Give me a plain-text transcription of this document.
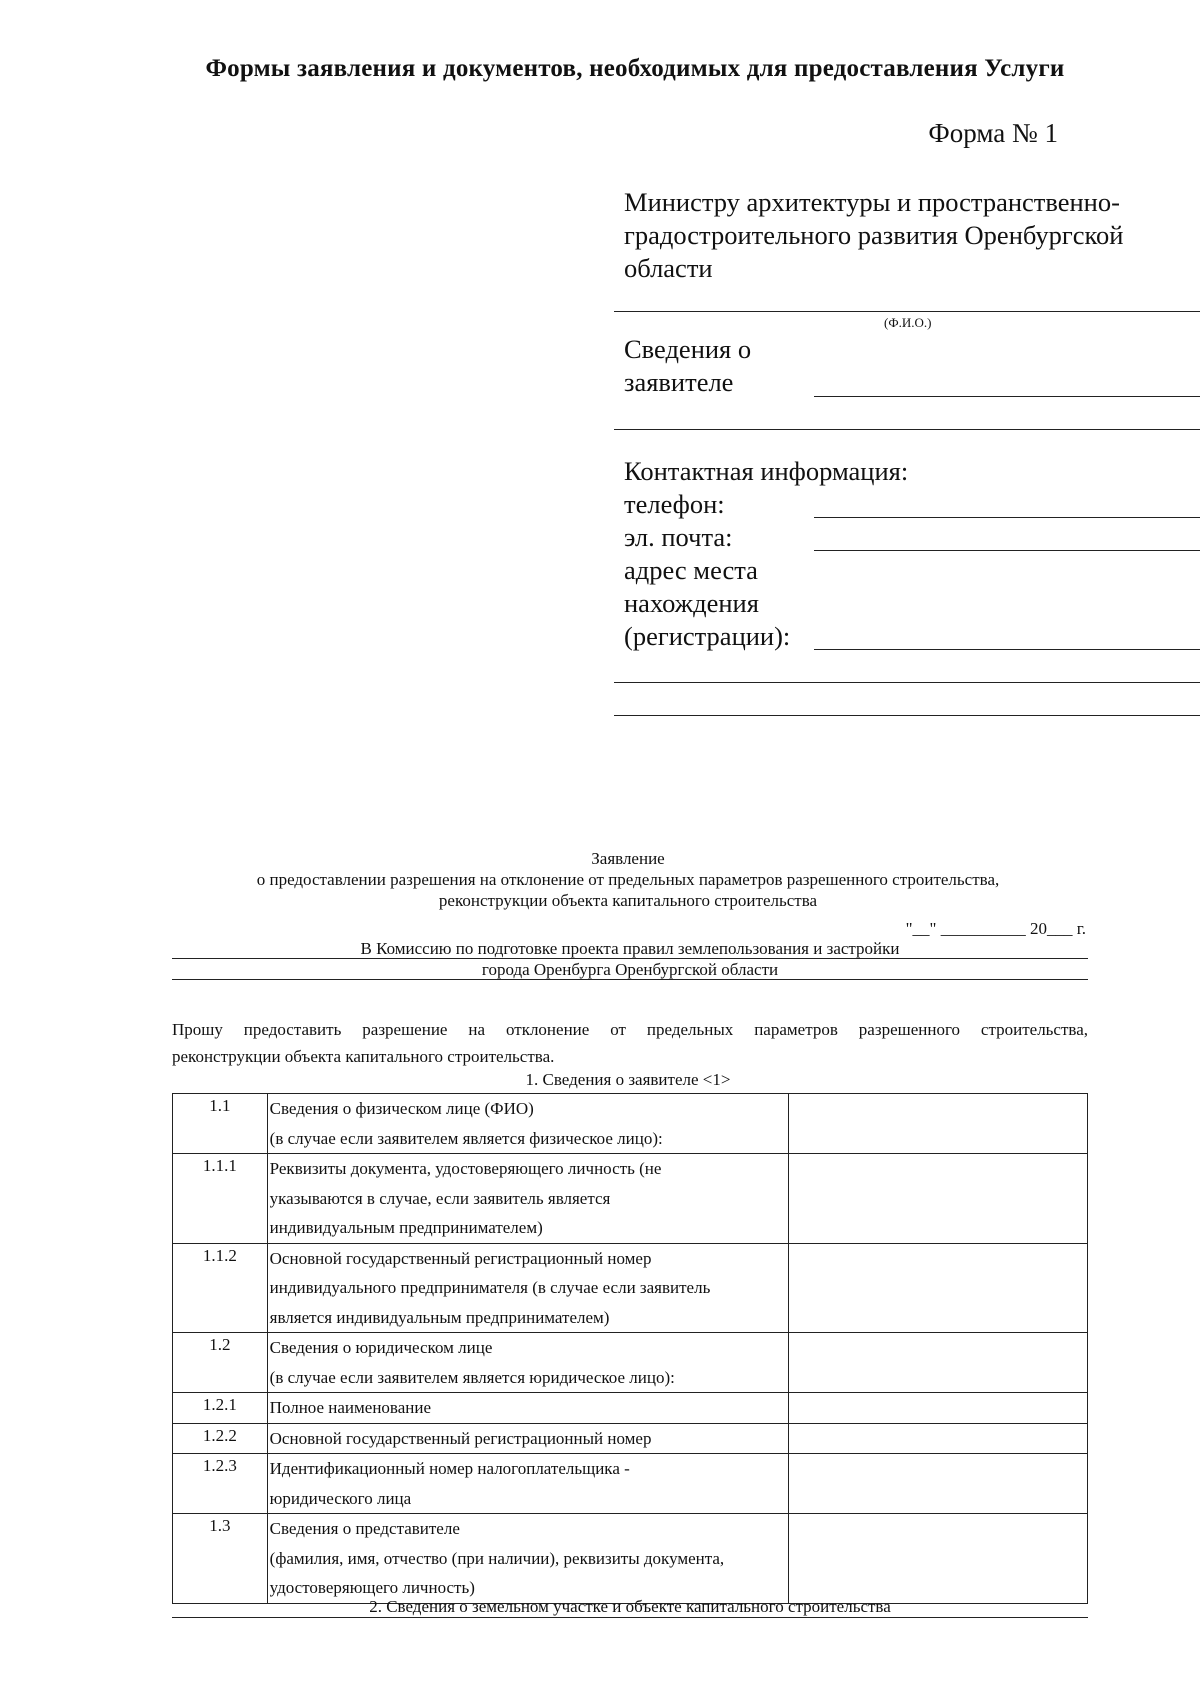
Формы заявления и документов, необходимых для предоставления Услуги
Форма № 1
Министру архитектуры и пространственно-
градостроительного развития Оренбургской
области
(Ф.И.О.)
Сведения о
заявителе
Контактная информация:
телефон:
эл. почта:
адрес места
нахождения
(регистрации):
Заявление
о предоставлении разрешения на отклонение от предельных параметров разрешенного строительства,
реконструкции объекта капитального строительства
"__" __________ 20___ г.
В Комиссию по подготовке проекта правил землепользования и застройки
города Оренбурга Оренбургской области
Прошу предоставить разрешение на отклонение от предельных параметров разрешенного строительства,
реконструкции объекта капитального строительства.
1. Сведения о заявителе <1>
1.1	Сведения о физическом лице (ФИО)
(в случае если заявителем является физическое лицо):	

1.1.1	Реквизиты документа, удостоверяющего личность (не
указываются в случае, если заявитель является
индивидуальным предпринимателем)	

1.1.2	Основной государственный регистрационный номер
индивидуального предпринимателя (в случае если заявитель
является индивидуальным предпринимателем)	

1.2	Сведения о юридическом лице
(в случае если заявителем является юридическое лицо):	

1.2.1	Полное наименование	

1.2.2	Основной государственный регистрационный номер	

1.2.3	Идентификационный номер налогоплательщика -
юридического лица	

1.3	Сведения о представителе
(фамилия, имя, отчество (при наличии), реквизиты документа,
удостоверяющего личность)	

2. Сведения о земельном участке и объекте капитального строительства
